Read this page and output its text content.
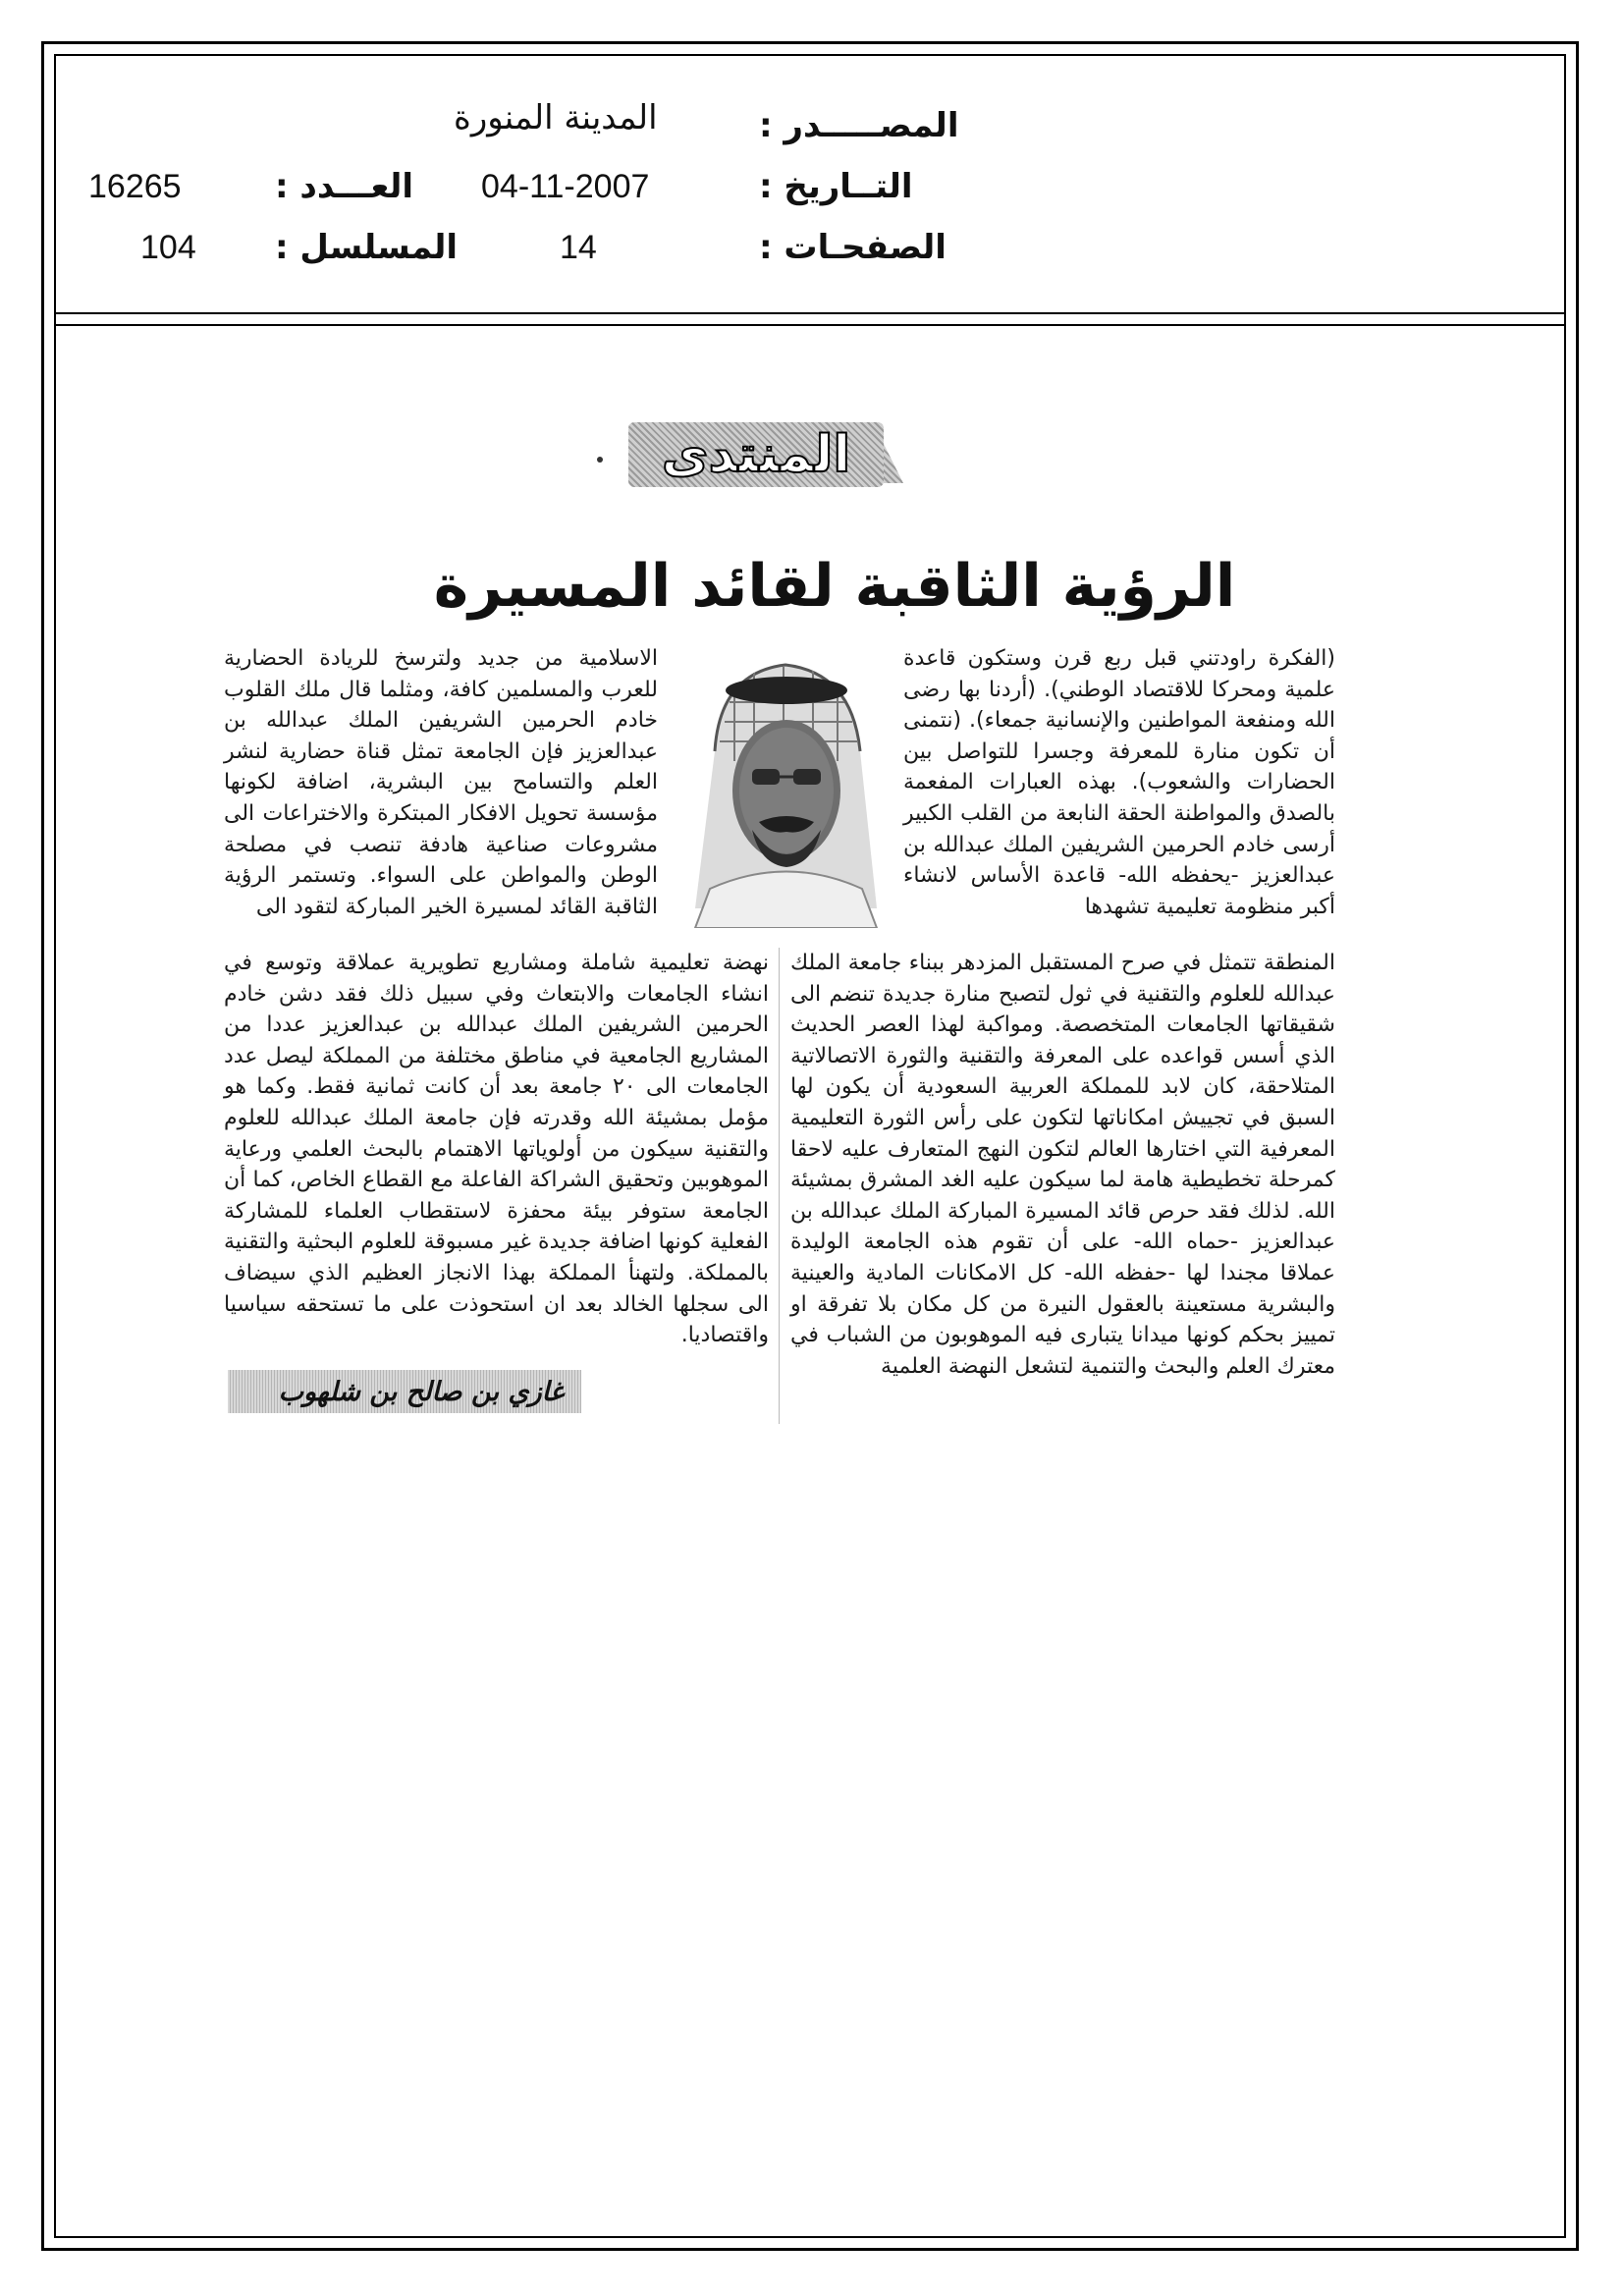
المصـــــدر :
المدينة المنورة
التــاريخ :
04-11-2007
العـــدد :
16265
الصفحـات :
14
المسلسل :
104
المنتدى
الرؤية الثاقبة لقائد المسيرة

(الفكرة راودتني قبل ربع قرن وستكون قاعدة علمية ومحركا للاقتصاد الوطني). (أردنا بها رضى الله ومنفعة المواطنين والإنسانية جمعاء). (نتمنى أن تكون منارة للمعرفة وجسرا للتواصل بين الحضارات والشعوب). بهذه العبارات المفعمة بالصدق والمواطنة الحقة النابعة من القلب الكبير أرسى خادم الحرمين الشريفين الملك عبدالله بن عبدالعزيز -يحفظه الله- قاعدة الأساس لانشاء أكبر منظومة تعليمية تشهدها

الاسلامية من جديد ولترسخ للريادة الحضارية للعرب والمسلمين كافة، ومثلما قال ملك القلوب خادم الحرمين الشريفين الملك عبدالله بن عبدالعزيز فإن الجامعة تمثل قناة حضارية لنشر العلم والتسامح بين البشرية، اضافة لكونها مؤسسة تحويل الافكار المبتكرة والاختراعات الى مشروعات صناعية هادفة تنصب في مصلحة الوطن والمواطن على السواء. وتستمر الرؤية الثاقبة القائد لمسيرة الخير المباركة لتقود الى

المنطقة تتمثل في صرح المستقبل المزدهر ببناء جامعة الملك عبدالله للعلوم والتقنية في ثول لتصبح منارة جديدة تنضم الى شقيقاتها الجامعات المتخصصة. ومواكبة لهذا العصر الحديث الذي أسس قواعده على المعرفة والتقنية والثورة الاتصالاتية المتلاحقة، كان لابد للمملكة العربية السعودية أن يكون لها السبق في تجييش امكاناتها لتكون على رأس الثورة التعليمية المعرفية التي اختارها العالم لتكون النهج المتعارف عليه لاحقا كمرحلة تخطيطية هامة لما سيكون عليه الغد المشرق بمشيئة الله. لذلك فقد حرص قائد المسيرة المباركة الملك عبدالله بن عبدالعزيز -حماه الله- على أن تقوم هذه الجامعة الوليدة عملاقا مجندا لها -حفظه الله- كل الامكانات المادية والعينية والبشرية مستعينة بالعقول النيرة من كل مكان بلا تفرقة او تمييز بحكم كونها ميدانا يتبارى فيه الموهوبون من الشباب في معترك العلم والبحث والتنمية لتشعل النهضة العلمية

نهضة تعليمية شاملة ومشاريع تطويرية عملاقة وتوسع في انشاء الجامعات والابتعاث وفي سبيل ذلك فقد دشن خادم الحرمين الشريفين الملك عبدالله بن عبدالعزيز عددا من المشاريع الجامعية في مناطق مختلفة من المملكة ليصل عدد الجامعات الى ٢٠ جامعة بعد أن كانت ثمانية فقط. وكما هو مؤمل بمشيئة الله وقدرته فإن جامعة الملك عبدالله للعلوم والتقنية سيكون من أولوياتها الاهتمام بالبحث العلمي ورعاية الموهوبين وتحقيق الشراكة الفاعلة مع القطاع الخاص، كما أن الجامعة ستوفر بيئة محفزة لاستقطاب العلماء للمشاركة الفعلية كونها اضافة جديدة غير مسبوقة للعلوم البحثية والتقنية بالمملكة. ولتهنأ المملكة بهذا الانجاز العظيم الذي سيضاف الى سجلها الخالد بعد ان استحوذت على ما تستحقه سياسيا واقتصاديا.

غازي بن صالح بن شلهوب
